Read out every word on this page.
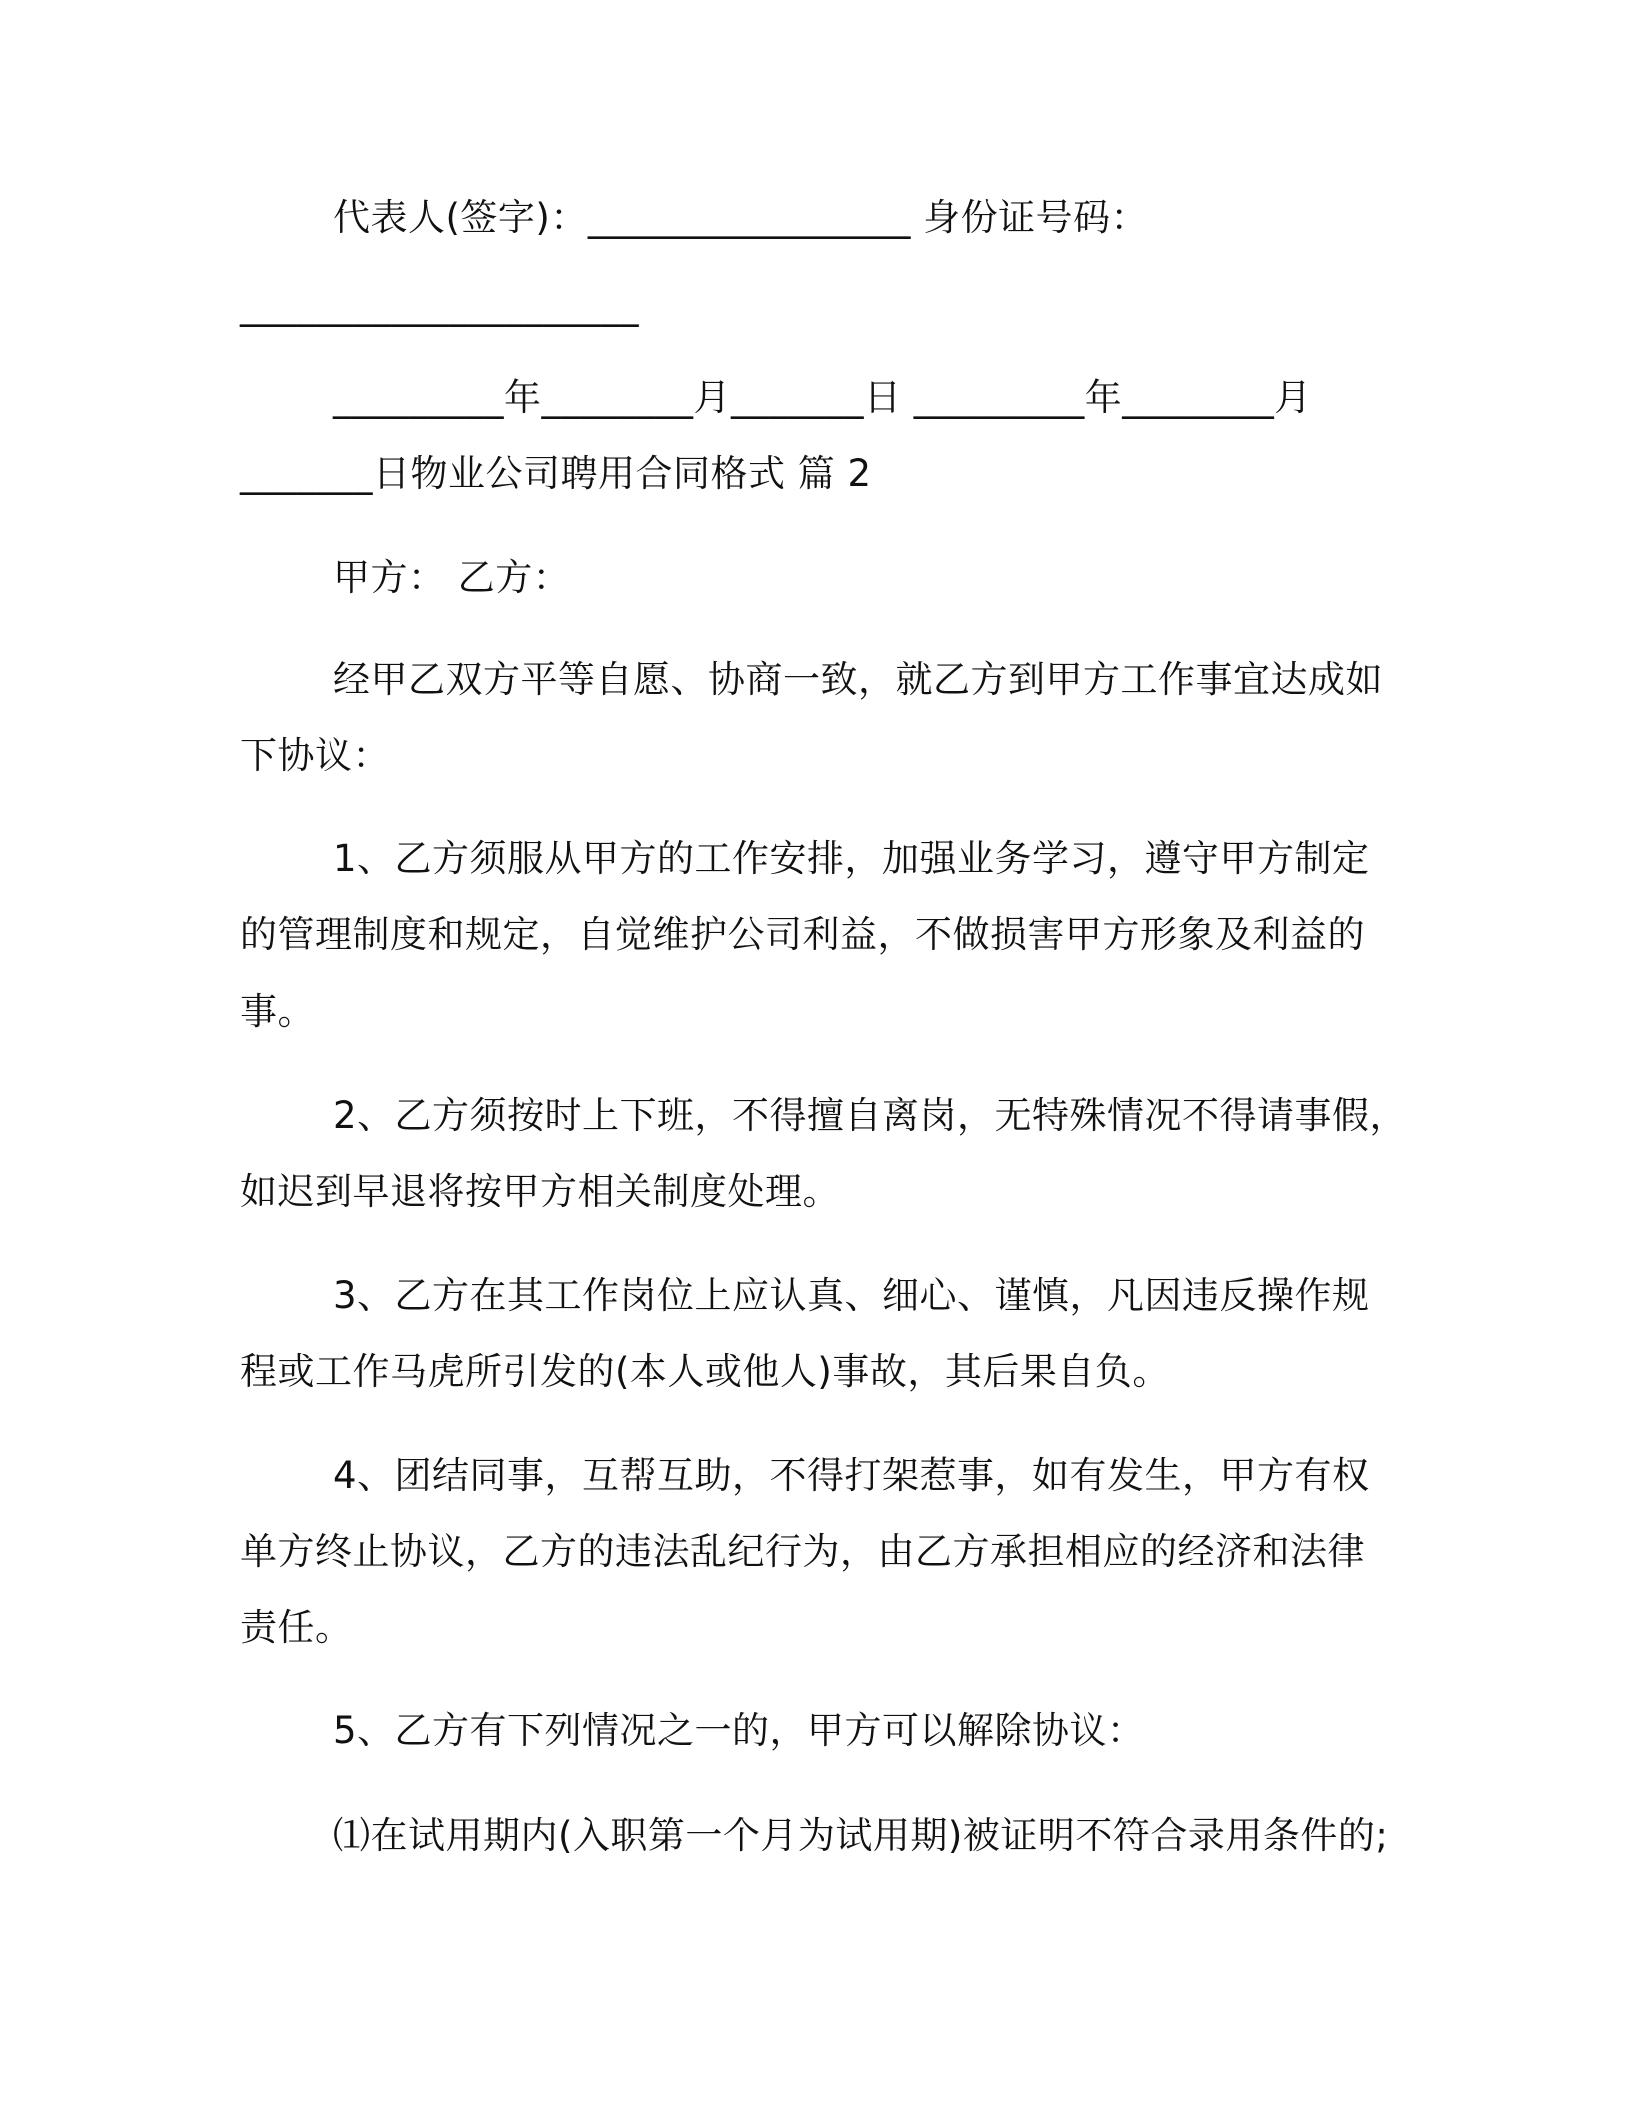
代表人(签字)：_________________ 身份证号码：
_____________________
_________年________月_______日 _________年________月
_______日物业公司聘用合同格式 篇 2
甲方： 乙方：
经甲乙双方平等自愿、协商一致，就乙方到甲方工作事宜达成如
下协议：
1、乙方须服从甲方的工作安排，加强业务学习，遵守甲方制定
的管理制度和规定，自觉维护公司利益，不做损害甲方形象及利益的
事。
2、乙方须按时上下班，不得擅自离岗，无特殊情况不得请事假，
如迟到早退将按甲方相关制度处理。
3、乙方在其工作岗位上应认真、细心、谨慎，凡因违反操作规
程或工作马虎所引发的(本人或他人)事故，其后果自负。
4、团结同事，互帮互助，不得打架惹事，如有发生，甲方有权
单方终止协议，乙方的违法乱纪行为，由乙方承担相应的经济和法律
责任。
5、乙方有下列情况之一的，甲方可以解除协议：
⑴在试用期内(入职第一个月为试用期)被证明不符合录用条件的;
